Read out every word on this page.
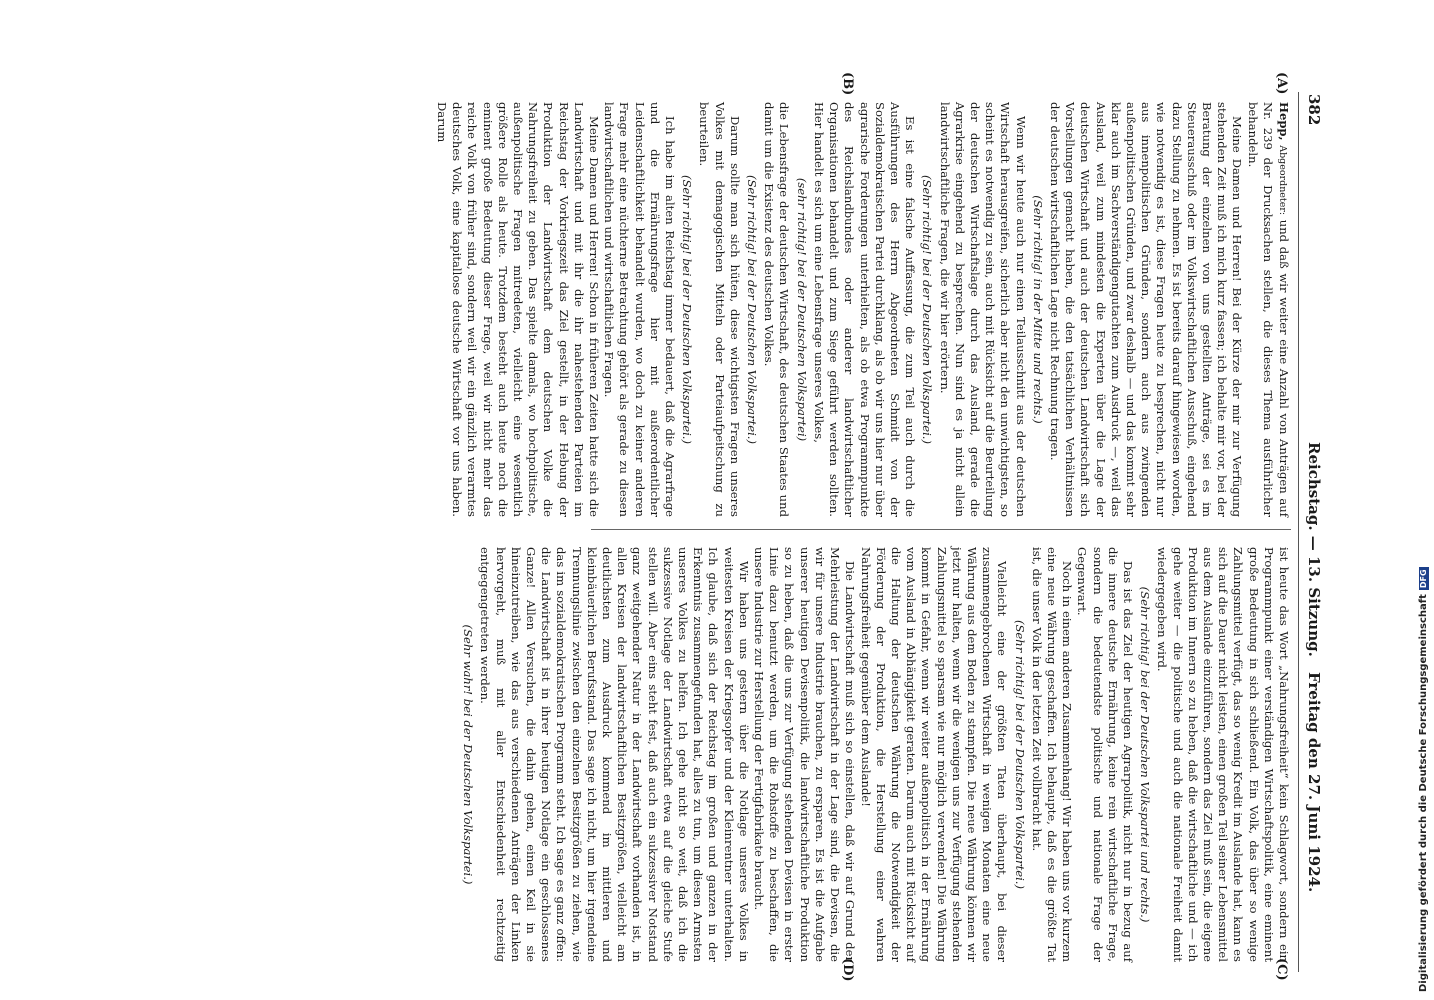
382
Reichstag. — 13. Sitzung.
Freitag den 27. Juni 1924.
(A)
(B)
(C)
(D)

Hepp, Abgeordneter: und daß wir weiter eine Anzahl von Anträgen auf Nr. 239 der Drucksachen stellen, die dieses Thema ausführlicher behandeln.

Meine Damen und Herren! Bei der Kürze der mir zur Verfügung stehenden Zeit muß ich mich kurz fassen; ich behalte mir vor, bei der Beratung der einzelnen von uns gestellten Anträge, sei es im Steuerausschuß oder im Volkswirtschaftlichen Ausschuß, eingehend dazu Stellung zu nehmen. Es ist bereits darauf hingewiesen worden, wie notwendig es ist, diese Fragen heute zu besprechen, nicht nur aus innenpolitischen Gründen, sondern auch aus zwingenden außenpolitischen Gründen, und zwar deshalb — und das kommt sehr klar auch im Sachverständigengutachten zum Ausdruck —, weil das Ausland, weil zum mindesten die Experten über die Lage der deutschen Wirtschaft und auch der deutschen Landwirtschaft sich Vorstellungen gemacht haben, die den tatsächlichen Verhältnissen der deutschen wirtschaftlichen Lage nicht Rechnung tragen.

(Sehr richtig! in der Mitte und rechts.)

Wenn wir heute auch nur einen Teilausschnitt aus der deutschen Wirtschaft herausgreifen, sicherlich aber nicht den unwichtigsten, so scheint es notwendig zu sein, auch mit Rücksicht auf die Beurteilung der deutschen Wirtschaftslage durch das Ausland, gerade die Agrarkrise eingehend zu besprechen. Nun sind es ja nicht allein landwirtschaftliche Fragen, die wir hier erörtern.

(Sehr richtig! bei der Deutschen Volkspartei.)

Es ist eine falsche Auffassung, die zum Teil auch durch die Ausführungen des Herrn Abgeordneten Schmidt von der Sozialdemokratischen Partei durchklang, als ob wir uns hier nur über agrarische Forderungen unterhielten, als ob etwa Programmpunkte des Reichslandbundes oder anderer landwirtschaftlicher Organisationen behandelt und zum Siege geführt werden sollten. Hier handelt es sich um eine Lebensfrage unseres Volkes,

(sehr richtig! bei der Deutschen Volkspartei)

die Lebensfrage der deutschen Wirtschaft, des deutschen Staates und damit um die Existenz des deutschen Volkes.

(Sehr richtig! bei der Deutschen Volkspartei.)

Darum sollte man sich hüten, diese wichtigsten Fragen unseres Volkes mit demagogischen Mitteln oder Parteiaufpeitschung zu beurteilen.

(Sehr richtig! bei der Deutschen Volkspartei.)

Ich habe im alten Reichstag immer bedauert, daß die Agrarfrage und die Ernährungsfrage hier mit außerordentlicher Leidenschaftlichkeit behandelt wurden, wo doch zu keiner anderen Frage mehr eine nüchterne Betrachtung gehört als gerade zu diesen landwirtschaftlichen und wirtschaftlichen Fragen.

Meine Damen und Herren! Schon in früheren Zeiten hatte sich die Landwirtschaft und mit ihr die ihr nahestehenden Parteien im Reichstag der Vorkriegszeit das Ziel gestellt, in der Hebung der Produktion der Landwirtschaft dem deutschen Volke die Nahrungsfreiheit zu geben. Das spielte damals, wo hochpolitische, außenpolitische Fragen mitredeten, vielleicht eine wesentlich größere Rolle als heute. Trotzdem besteht auch heute noch die eminent große Bedeutung dieser Frage, weil wir nicht mehr das reiche Volk von früher sind, sondern weil wir ein gänzlich verarmtes deutsches Volk, eine kapitallose deutsche Wirtschaft vor uns haben. Darum

ist heute das Wort „Nahrungsfreiheit“ kein Schlagwort, sondern ein Programmpunkt einer verständigen Wirtschaftspolitik, eine eminent große Bedeutung in sich schließend. Ein Volk, das über so wenige Zahlungsmittel verfügt, das so wenig Kredit im Auslande hat, kann es sich auf die Dauer nicht leisten, einen großen Teil seiner Lebensmittel aus dem Auslande einzuführen, sondern das Ziel muß sein, die eigene Produktion im Innern so zu heben, daß die wirtschaftliche und — ich gehe weiter — die politische und auch die nationale Freiheit damit wiedergegeben wird.

(Sehr richtig! bei der Deutschen Volkspartei und rechts.)

Das ist das Ziel der heutigen Agrarpolitik, nicht nur in bezug auf die innere deutsche Ernährung, keine rein wirtschaftliche Frage, sondern die bedeutendste politische und nationale Frage der Gegenwart.

Noch in einem anderen Zusammenhang! Wir haben uns vor kurzem eine neue Währung geschaffen. Ich behaupte, daß es die größte Tat ist, die unser Volk in der letzten Zeit vollbracht hat.

(Sehr richtig! bei der Deutschen Volkspartei.)

Vielleicht eine der größten Taten überhaupt, bei dieser zusammengebrochenen Wirtschaft in wenigen Monaten eine neue Währung aus dem Boden zu stampfen. Die neue Währung können wir jetzt nur halten, wenn wir die wenigen uns zur Verfügung stehenden Zahlungsmittel so sparsam wie nur möglich verwenden! Die Währung kommt in Gefahr, wenn wir weiter außenpolitisch in der Ernährung vom Ausland in Abhängigkeit geraten. Darum auch mit Rücksicht auf die Haltung der deutschen Währung die Notwendigkeit der Förderung der Produktion, die Herstellung einer wahren Nahrungsfreiheit gegenüber dem Auslande!

Die Landwirtschaft muß sich so einstellen, daß wir auf Grund der Mehrleistung der Landwirtschaft in der Lage sind, die Devisen, die wir für unsere Industrie brauchen, zu ersparen. Es ist die Aufgabe unserer heutigen Devisenpolitik, die landwirtschaftliche Produktion so zu heben, daß die uns zur Verfügung stehenden Devisen in erster Linie dazu benutzt werden, um die Rohstoffe zu beschaffen, die unsere Industrie zur Herstellung der Fertigfabrikate braucht.

Wir haben uns gestern über die Notlage unseres Volkes in weitesten Kreisen der Kriegsopfer und der Kleinrentner unterhalten. Ich glaube, daß sich der Reichstag im großen und ganzen in der Erkenntnis zusammengefunden hat, alles zu tun, um diesen Armsten unseres Volkes zu helfen. Ich gehe nicht so weit, daß ich die sukzessive Notlage der Landwirtschaft etwa auf die gleiche Stufe stellen will. Aber eins steht fest, daß auch ein sukzessiver Notstand ganz weitgehender Natur in der Landwirtschaft vorhanden ist, in allen Kreisen der landwirtschaftlichen Besitzgrößen, vielleicht am deutlichsten zum Ausdruck kommend im mittleren und kleinbäuerlichen Berufsstand. Das sage ich nicht, um hier irgendeine Trennungslinie zwischen den einzelnen Besitzgrößen zu ziehen, wie das im sozialdemokratischen Programm steht. Ich sage es ganz offen: die Landwirtschaft ist in ihrer heutigen Notlage ein geschlossenes Ganze! Allen Versuchen, die dahin gehen, einen Keil in sie hineinzutreiben, wie das aus verschiedenen Anträgen der Linken hervorgeht, muß mit aller Entschiedenheit rechtzeitig entgegengetreten werden.

(Sehr wahr! bei der Deutschen Volkspartei.)	Digitalisierung gefördert durch die Deutsche ForschungsgemeinschaftDFG
